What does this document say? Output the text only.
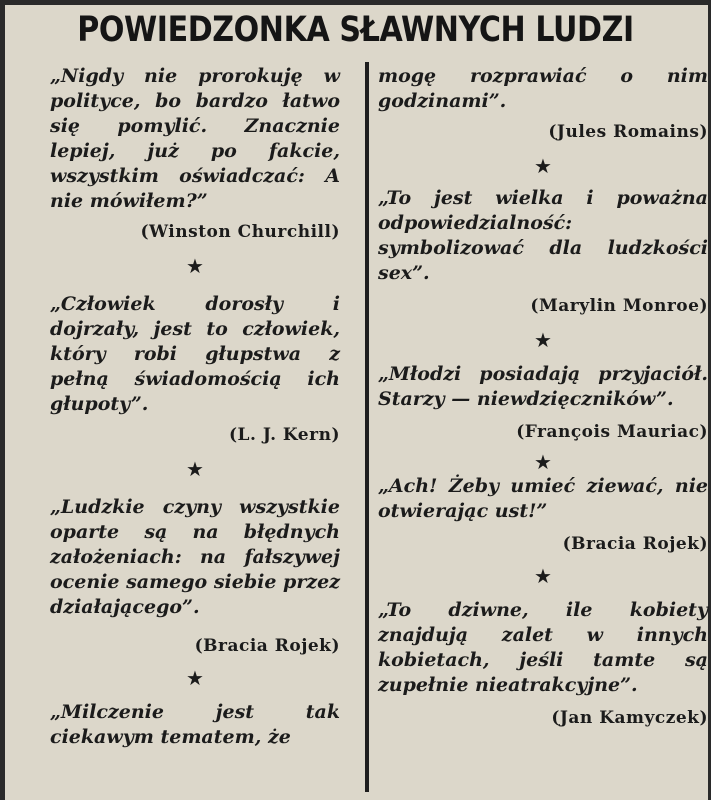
POWIEDZONKA SŁAWNYCH LUDZI

„Nigdy nie prorokuję w polityce, bo bardzo łatwo się pomylić. Znacznie lepiej, już po fakcie, wszystkim oświadczać: A nie mówiłem?”

(Winston Churchill)

★

„Człowiek dorosły i dojrzały, jest to człowiek, który robi głupstwa z pełną świadomością ich głupoty”.

(L. J. Kern)

★

„Ludzkie czyny wszystkie oparte są na błędnych założeniach: na fałszywej ocenie samego siebie przez działającego”.

(Bracia Rojek)

★

„Milczenie jest tak ciekawym tematem, że

mogę rozprawiać o nim godzinami”.

(Jules Romains)

★

„To jest wielka i poważna odpowiedzialność: symbolizować dla ludzkości sex”.

(Marylin Monroe)

★

„Młodzi posiadają przyjaciół. Starzy — niewdzięczników”.

(François Mauriac)

★

„Ach! Żeby umieć ziewać, nie otwierając ust!”

(Bracia Rojek)

★

„To dziwne, ile kobiety znajdują zalet w innych kobietach, jeśli tamte są zupełnie nieatrakcyjne”.

(Jan Kamyczek)
